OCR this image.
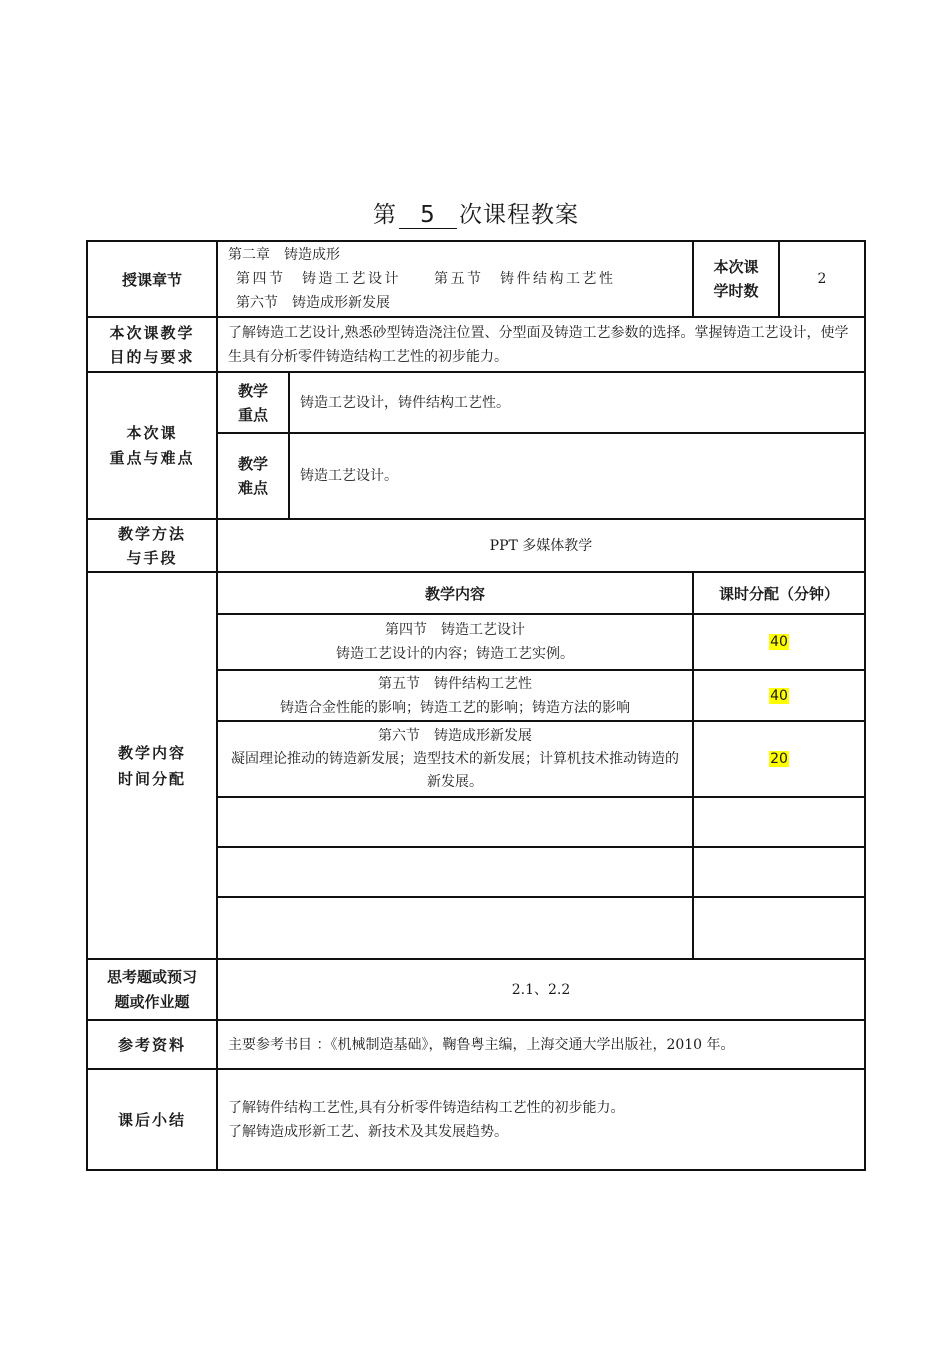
第 5 次课程教案
授课章节
第二章　铸造成形
第四节　铸造工艺设计　　第五节　铸件结构工艺性
第六节　铸造成形新发展
本次课
学时数
2
本次课教学
目的与要求
了解铸造工艺设计,熟悉砂型铸造浇注位置、分型面及铸造工艺参数的选择。掌握铸造工艺设计，使学生具有分析零件铸造结构工艺性的初步能力。
本次课
重点与难点
教学
重点
铸造工艺设计，铸件结构工艺性。
教学
难点
铸造工艺设计。
教学方法
与手段
PPT 多媒体教学
教学内容
时间分配
教学内容	课时分配（分钟）
第四节　铸造工艺设计
铸造工艺设计的内容；铸造工艺实例。
40
第五节　铸件结构工艺性
铸造合金性能的影响；铸造工艺的影响；铸造方法的影响
40
第六节　铸造成形新发展
凝固理论推动的铸造新发展；造型技术的新发展；计算机技术推动铸造的新发展。
20
思考题或预习
题或作业题
2.1、2.2
参考资料	主要参考书目 ：《机械制造基础》，鞠鲁粤主编，上海交通大学出版社，2010 年。
课后小结
了解铸件结构工艺性,具有分析零件铸造结构工艺性的初步能力。
了解铸造成形新工艺、新技术及其发展趋势。
